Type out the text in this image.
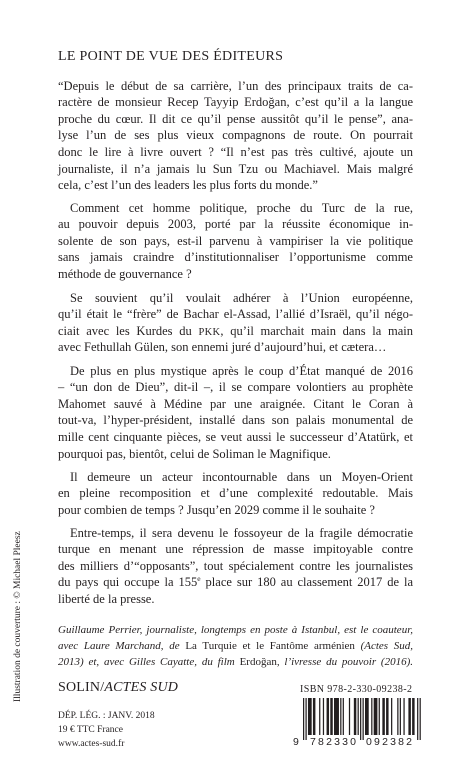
LE POINT DE VUE DES ÉDITEURS
“Depuis le début de sa carrière, l’un des principaux traits de ca-
ractère de monsieur Recep Tayyip Erdoğan, c’est qu’il a la langue
proche du cœur. Il dit ce qu’il pense aussitôt qu’il le pense”, ana-
lyse l’un de ses plus vieux compagnons de route. On pourrait
donc le lire à livre ouvert ? “Il n’est pas très cultivé, ajoute un
journaliste, il n’a jamais lu Sun Tzu ou Machiavel. Mais malgré
cela, c’est l’un des leaders les plus forts du monde.”
Comment cet homme politique, proche du Turc de la rue,
au pouvoir depuis 2003, porté par la réussite économique in-
solente de son pays, est-il parvenu à vampiriser la vie politique
sans jamais craindre d’institutionnaliser l’opportunisme comme
méthode de gouvernance ?
Se souvient qu’il voulait adhérer à l’Union européenne,
qu’il était le “frère” de Bachar el-Assad, l’allié d’Israël, qu’il négo-
ciait avec les Kurdes du PKK, qu’il marchait main dans la main
avec Fethullah Gülen, son ennemi juré d’aujourd’hui, et cætera…
De plus en plus mystique après le coup d’État manqué de 2016
– “un don de Dieu”, dit-il –, il se compare volontiers au prophète
Mahomet sauvé à Médine par une araignée. Citant le Coran à
tout-va, l’hyper-président, installé dans son palais monumental de
mille cent cinquante pièces, se veut aussi le successeur d’Atatürk, et
pourquoi pas, bientôt, celui de Soliman le Magnifique.
Il demeure un acteur incontournable dans un Moyen-Orient
en pleine recomposition et d’une complexité redoutable. Mais
pour combien de temps ? Jusqu’en 2029 comme il le souhaite ?
Entre-temps, il sera devenu le fossoyeur de la fragile démocratie
turque en menant une répression de masse impitoyable contre
des milliers d’“opposants”, tout spécialement contre les journalistes
du pays qui occupe la 155e place sur 180 au classement 2017 de la
liberté de la presse.
Guillaume Perrier, journaliste, longtemps en poste à Istanbul, est le coauteur,
avec Laure Marchand, de La Turquie et le Fantôme arménien (Actes Sud,
2013) et, avec Gilles Cayatte, du film Erdoğan, l’ivresse du pouvoir (2016).
SOLIN/ACTES SUD	ISBN 978-2-330-09238-2
9 782330 092382
DÉP. LÉG. : JANV. 2018
19 € TTC France
www.actes-sud.fr
Illustration de couverture : © Michael Pleesz
